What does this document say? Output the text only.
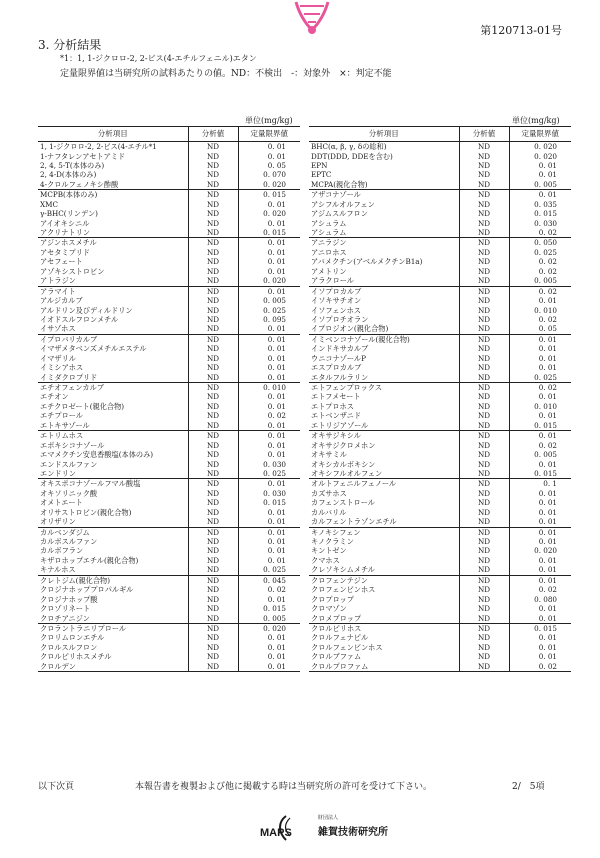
第120713-01号
3. 分析結果
*1：1, 1-ジクロロ-2, 2-ビス(4-エチルフェニル)エタン
定量限界値は当研究所の試料あたりの値。ND：不検出　-：対象外　×：判定不能
単位(mg/kg)	単位(mg/kg)
分析項目	分析値	定量限界値
1, 1-ジクロロ-2, 2-ビス(4-エチル*1	ND	0. 01
1-ナフタレンアセトアミド	ND	0. 01
2, 4, 5-T(本体のみ)	ND	0. 05
2, 4-D(本体のみ)	ND	0. 070
4-クロルフェノキシ酢酸	ND	0. 020
MCPB(本体のみ)	ND	0. 015
XMC	ND	0. 01
γ-BHC(リンデン)	ND	0. 020
アイオキシニル	ND	0. 01
アクリナトリン	ND	0. 015
アジンホスメチル	ND	0. 01
アセタミプリド	ND	0. 01
アセフェート	ND	0. 01
アゾキシストロビン	ND	0. 01
アトラジン	ND	0. 020
アラマイト	ND	0. 01
アルジカルブ	ND	0. 005
アルドリン及びディルドリン	ND	0. 025
イオドスルフロンメチル	ND	0. 095
イサゾホス	ND	0. 01
イプロバリカルブ	ND	0. 01
イマザメタベンズメチルエステル	ND	0. 01
イマザリル	ND	0. 01
イミシアホス	ND	0. 01
イミダクロプリド	ND	0. 01
エチオフェンカルブ	ND	0. 010
エチオン	ND	0. 01
エチクロゼート(親化合物)	ND	0. 01
エチプロール	ND	0. 02
エトキサゾール	ND	0. 01
エトリムホス	ND	0. 01
エポキシコナゾール	ND	0. 01
エマメクチン安息香酸塩(本体のみ)	ND	0. 01
エンドスルファン	ND	0. 030
エンドリン	ND	0. 025
オキスポコナゾールフマル酸塩	ND	0. 01
オキソリニック酸	ND	0. 030
オメトエート	ND	0. 015
オリサストロビン(親化合物)	ND	0. 01
オリザリン	ND	0. 01
カルベンダジム	ND	0. 01
カルボスルファン	ND	0. 01
カルボフラン	ND	0. 01
キザロホップエチル(親化合物)	ND	0. 01
キナルホス	ND	0. 025
クレトジム(親化合物)	ND	0. 045
クロジナホッププロパルギル	ND	0. 02
クロジナホップ酸	ND	0. 01
クロゾリネート	ND	0. 015
クロチアニジン	ND	0. 005
クロラントラニリプロール	ND	0. 020
クロリムロンエチル	ND	0. 01
クロルスルフロン	ND	0. 01
クロルピリホスメチル	ND	0. 01
クロルデン	ND	0. 01
分析項目	分析値	定量限界値
BHC(α, β, γ, δの総和)	ND	0. 020
DDT(DDD, DDEを含む)	ND	0. 020
EPN	ND	0. 01
EPTC	ND	0. 01
MCPA(親化合物)	ND	0. 005
アザコナゾール	ND	0. 01
アシフルオルフェン	ND	0. 035
アジムスルフロン	ND	0. 015
アシュラム	ND	0. 030
アシュラム	ND	0. 02
アニラジン	ND	0. 050
アニロホス	ND	0. 025
アバメクチン(アベルメクチンB1a)	ND	0. 02
アメトリン	ND	0. 02
アラクロール	ND	0. 005
イソプロカルブ	ND	0. 02
イソキサチオン	ND	0. 01
イソフェンホス	ND	0. 010
イソプロチオラン	ND	0. 02
イプロジオン(親化合物)	ND	0. 05
イミベンコナゾール(親化合物)	ND	0. 01
インドキサカルブ	ND	0. 01
ウニコナゾールP	ND	0. 01
エスプロカルブ	ND	0. 01
エタルフルラリン	ND	0. 025
エトフェンプロックス	ND	0. 02
エトフメセート	ND	0. 01
エトプロホス	ND	0. 010
エトベンザニド	ND	0. 01
エトリジアゾール	ND	0. 015
オキサジキシル	ND	0. 01
オキサジクロメホン	ND	0. 02
オキサミル	ND	0. 005
オキシカルボキシン	ND	0. 01
オキシフルオルフェン	ND	0. 015
オルトフェニルフェノール	ND	0. 1
カズサホス	ND	0. 01
カフェンストロール	ND	0. 01
カルバリル	ND	0. 01
カルフェントラゾンエチル	ND	0. 01
キノキシフェン	ND	0. 01
キノクラミン	ND	0. 01
キントゼン	ND	0. 020
クマホス	ND	0. 01
クレソキシムメチル	ND	0. 01
クロフェンテジン	ND	0. 01
クロフェンビンホス	ND	0. 02
クロプロップ	ND	0. 080
クロマゾン	ND	0. 01
クロメプロップ	ND	0. 01
クロルピリホス	ND	0. 015
クロルフェナピル	ND	0. 01
クロルフェンビンホス	ND	0. 01
クロルブファム	ND	0. 01
クロルプロファム	ND	0. 02
以下次頁	本報告書を複製および他に掲載する時は当研究所の許可を受けて下さい。	2/　5項
MAPS
財団法人
雑賀技術研究所
